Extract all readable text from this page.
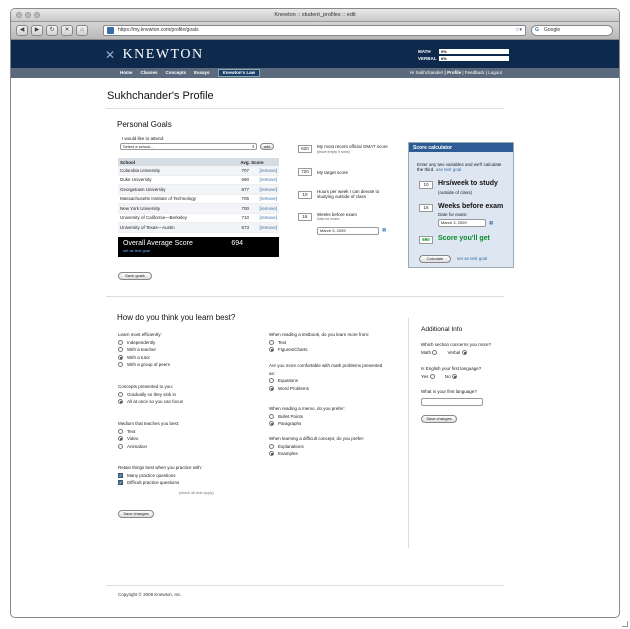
Knewton :: student_profiles :: edit
◀	▶	↻	✕	⌂	https://my.knewton.com/profile/goals	☆▾	G Google
✕ KNEWTON	MATH	0%
VERBAL	0%
Home Classes Concepts Essays	Knewton's Law	Hi Sukhchander! | Profile | Feedback | Logout
Sukhchander's Profile
Personal Goals
I would like to attend:
Select a school...	⇕	add
School	Avg. Score
Columbia University	707	[remove]
Duke University	690	[remove]
Georgetown University	677	[remove]
Massachusetts Institute of Technology	705	[remove]
New York University	700	[remove]
University of California—Berkeley	710	[remove]
University of Texas—Austin	673	[remove]
Overall Average Score	694
set as test goal
Save goals
620	My most recent official GMAT score (leave empty if none)
720	My target score
10
Hours per week I can devote to studying outside of class
16	Weeks before exam
Date for exam:
March 3, 2009	▦
Score calculator
Enter any two variables and we'll calculate the third. use test goal
10	Hrs/week to study
(outside of class)
16	Weeks before exam
Date for exam:
March 3, 2009	▦
690	Score you'll get
Calculate	set as test goal
How do you think you learn best?
Learn most efficiently:
Independently
With a teacher
With a tutor
With a group of peers
Concepts presented to you:
Gradually so they sink in
All at once so you can focus
Medium that teaches you best:
Text
Video
Animation
Retain things best when you practice with:
✓ Many practice questions
✓ Difficult practice questions
(check all that apply)
When reading a textbook, do you learn more from:
Text
Figures/Charts
Are you more comfortable with math problems presented as:
Equations
Word Problems
When reading a memo, do you prefer:
Bullet Points
Paragraphs
When learning a difficult concept, do you prefer:
Explanations
Examples
Save changes
Additional Info
Which section concerns you more?
Math	Verbal
Is English your first language?
Yes	No
What is your first language?
Save changes
Copyright © 2008 Knewton, Inc.
